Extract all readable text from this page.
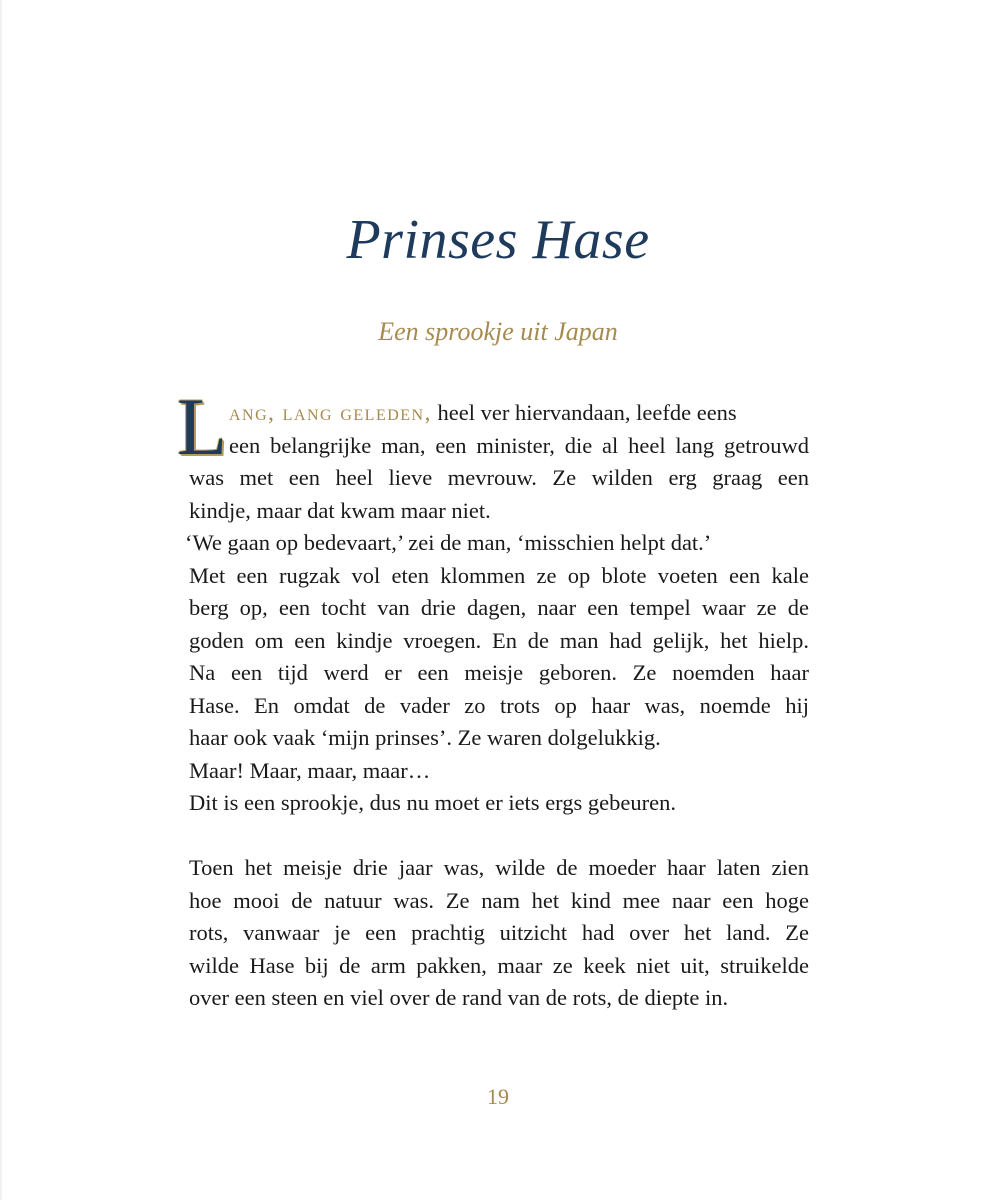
Prinses Hase
Een sprookje uit Japan
L ang, lang geleden, heel ver hiervandaan, leefde eens
een belangrijke man, een minister, die al heel lang getrouwd
was met een heel lieve mevrouw. Ze wilden erg graag een
kindje, maar dat kwam maar niet.
‘We gaan op bedevaart,’ zei de man, ‘misschien helpt dat.’
Met een rugzak vol eten klommen ze op blote voeten een kale
berg op, een tocht van drie dagen, naar een tempel waar ze de
goden om een kindje vroegen. En de man had gelijk, het hielp.
Na een tijd werd er een meisje geboren. Ze noemden haar
Hase. En omdat de vader zo trots op haar was, noemde hij
haar ook vaak ‘mijn prinses’. Ze waren dolgelukkig.
Maar! Maar, maar, maar…
Dit is een sprookje, dus nu moet er iets ergs gebeuren.
Toen het meisje drie jaar was, wilde de moeder haar laten zien
hoe mooi de natuur was. Ze nam het kind mee naar een hoge
rots, vanwaar je een prachtig uitzicht had over het land. Ze
wilde Hase bij de arm pakken, maar ze keek niet uit, struikelde
over een steen en viel over de rand van de rots, de diepte in.
19
